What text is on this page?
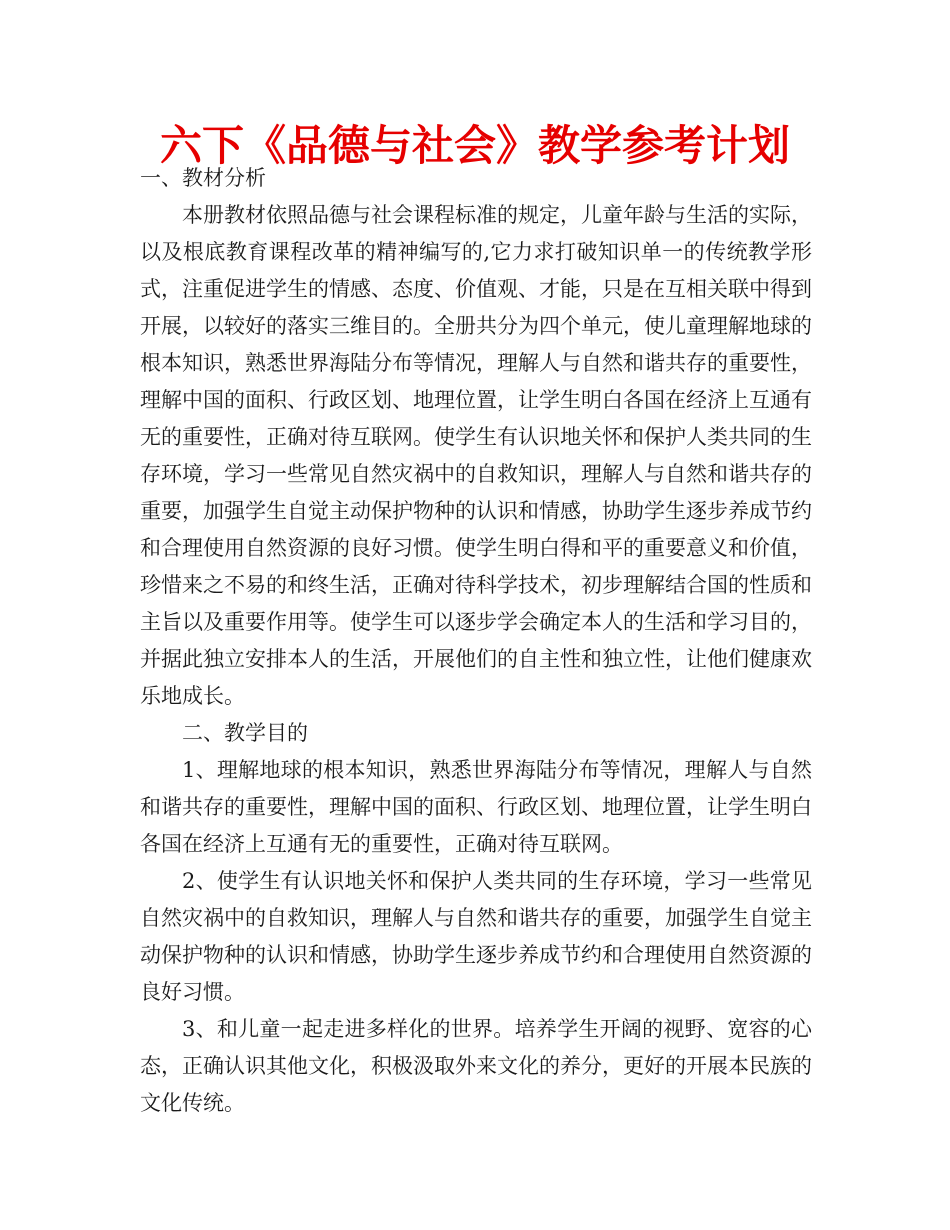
六下《品德与社会》教学参考计划

一、教材分析

本册教材依照品德与社会课程标准的规定，儿童年龄与生活的实际，以及根底教育课程改革的精神编写的,它力求打破知识单一的传统教学形式，注重促进学生的情感、态度、价值观、才能，只是在互相关联中得到开展，以较好的落实三维目的。全册共分为四个单元，使儿童理解地球的根本知识，熟悉世界海陆分布等情况，理解人与自然和谐共存的重要性，理解中国的面积、行政区划、地理位置，让学生明白各国在经济上互通有无的重要性，正确对待互联网。使学生有认识地关怀和保护人类共同的生存环境，学习一些常见自然灾祸中的自救知识，理解人与自然和谐共存的重要，加强学生自觉主动保护物种的认识和情感，协助学生逐步养成节约和合理使用自然资源的良好习惯。使学生明白得和平的重要意义和价值，珍惜来之不易的和终生活，正确对待科学技术，初步理解结合国的性质和主旨以及重要作用等。使学生可以逐步学会确定本人的生活和学习目的，并据此独立安排本人的生活，开展他们的自主性和独立性，让他们健康欢乐地成长。

二、教学目的

1、理解地球的根本知识，熟悉世界海陆分布等情况，理解人与自然和谐共存的重要性，理解中国的面积、行政区划、地理位置，让学生明白各国在经济上互通有无的重要性，正确对待互联网。

2、使学生有认识地关怀和保护人类共同的生存环境，学习一些常见自然灾祸中的自救知识，理解人与自然和谐共存的重要，加强学生自觉主动保护物种的认识和情感，协助学生逐步养成节约和合理使用自然资源的良好习惯。

3、和儿童一起走进多样化的世界。培养学生开阔的视野、宽容的心态，正确认识其他文化，积极汲取外来文化的养分，更好的开展本民族的文化传统。
